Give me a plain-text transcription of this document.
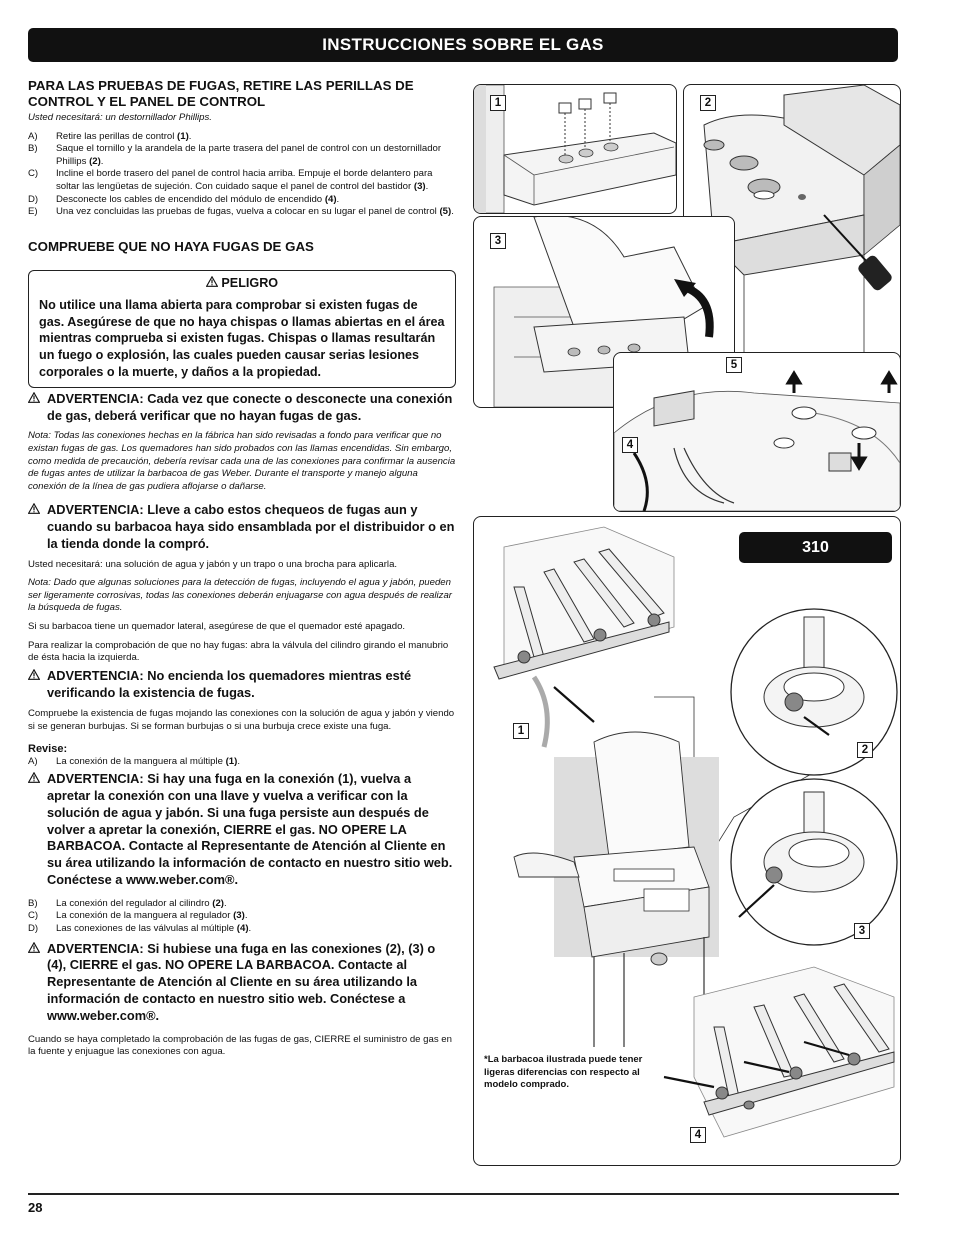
INSTRUCCIONES SOBRE EL GAS

PARA LAS PRUEBAS DE FUGAS, RETIRE LAS PERILLAS DE CONTROL Y EL PANEL DE CONTROL

Usted necesitará: un destornillador Phillips.

A)	Retire las perillas de control (1).
B)	Saque el tornillo y la arandela de la parte trasera del panel de control con un destornillador Phillips (2).
C)	Incline el borde trasero del panel de control hacia arriba. Empuje el borde delantero para soltar las lengüetas de sujeción. Con cuidado saque el panel de control del bastidor (3).
D)	Desconecte los cables de encendido del módulo de encendido (4).
E)	Una vez concluidas las pruebas de fugas, vuelva a colocar en su lugar el panel de control (5).

COMPRUEBE QUE NO HAYA FUGAS DE GAS

PELIGRO

No utilice una llama abierta para comprobar si existen fugas de gas. Asegúrese de que no haya chispas o llamas abiertas en el área mientras comprueba si existen fugas. Chispas o llamas resultarán un fuego o explosión, las cuales pueden causar serias lesiones corporales o la muerte, y daños a la propiedad.

ADVERTENCIA: Cada vez que conecte o desconecte una conexión de gas, deberá verificar que no hayan fugas de gas.

Nota: Todas las conexiones hechas en la fábrica han sido revisadas a fondo para verificar que no existan fugas de gas. Los quemadores han sido probados con las llamas encendidas. Sin embargo, como medida de precaución, debería revisar cada una de las conexiones para confirmar la ausencia de fugas antes de utilizar la barbacoa de gas Weber. Durante el transporte y manejo alguna conexión de la línea de gas pudiera aflojarse o dañarse.

ADVERTENCIA: Lleve a cabo estos chequeos de fugas aun y cuando su barbacoa haya sido ensamblada por el distribuidor o en la tienda donde la compró.

Usted necesitará: una solución de agua y jabón y un trapo o una brocha para aplicarla.

Nota: Dado que algunas soluciones para la detección de fugas, incluyendo el agua y jabón, pueden ser ligeramente corrosivas, todas las conexiones deberán enjuagarse con agua después de realizar la búsqueda de fugas.

Si su barbacoa tiene un quemador lateral, asegúrese de que el quemador esté apagado.

Para realizar la comprobación de que no hay fugas: abra la válvula del cilindro girando el manubrio de ésta hacia la izquierda.

ADVERTENCIA: No encienda los quemadores mientras esté verificando la existencia de fugas.

Compruebe la existencia de fugas mojando las conexiones con la solución de agua y jabón y viendo si se generan burbujas. Si se forman burbujas o si una burbuja crece existe una fuga.

Revise:

A)	La conexión de la manguera al múltiple (1).
ADVERTENCIA: Si hay una fuga en la conexión (1), vuelva a apretar la conexión con una llave y vuelva a verificar con la solución de agua y jabón. Si una fuga persiste aun después de volver a apretar la conexión, CIERRE el gas. NO OPERE LA BARBACOA. Contacte al Representante de Atención al Cliente en su área utilizando la información de contacto en nuestro sitio web. Conéctese a www.weber.com®.
B)	La conexión del regulador al cilindro (2).
C)	La conexión de la manguera al regulador (3).
D)	Las conexiones de las válvulas al múltiple (4).
ADVERTENCIA: Si hubiese una fuga en las conexiones (2), (3) o (4), CIERRE el gas. NO OPERE LA BARBACOA. Contacte al Representante de Atención al Cliente en su área utilizando la información de contacto en nuestro sitio web. Conéctese a www.weber.com®.

Cuando se haya completado la comprobación de las fugas de gas, CIERRE el suministro de gas en la fuente y enjuague las conexiones con agua.

1	2
3
5
4
310
1
2
3
4
*La barbacoa ilustrada puede tener ligeras diferencias con respecto al modelo comprado.
28
